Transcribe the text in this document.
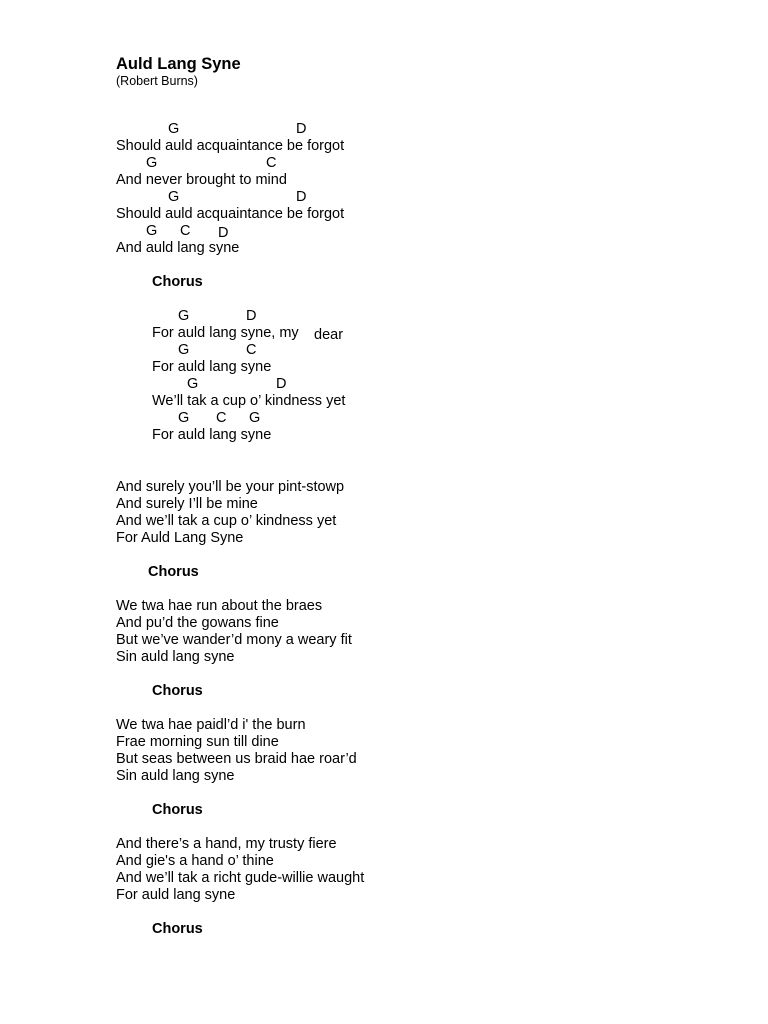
Auld Lang Syne
(Robert Burns)
G	D
Should auld acquaintance be forgot
G	C
And never brought to mind
G	D
Should auld acquaintance be forgot
G C D
And auld lang syne
Chorus
G	D
For auld lang syne, my dear
G	C
For auld lang syne
G	D
We’ll tak a cup o’ kindness yet
G C G
For auld lang syne
And surely you’ll be your pint-stowp
And surely I’ll be mine
And we’ll tak a cup o’ kindness yet
For Auld Lang Syne
Chorus
We twa hae run about the braes
And pu’d the gowans fine
But we’ve wander’d mony a weary fit
Sin auld lang syne
Chorus
We twa hae paidl’d i' the burn
Frae morning sun till dine
But seas between us braid hae roar’d
Sin auld lang syne
Chorus
And there’s a hand, my trusty fiere
And gie's a hand o’ thine
And we’ll tak a richt gude-willie waught
For auld lang syne
Chorus
